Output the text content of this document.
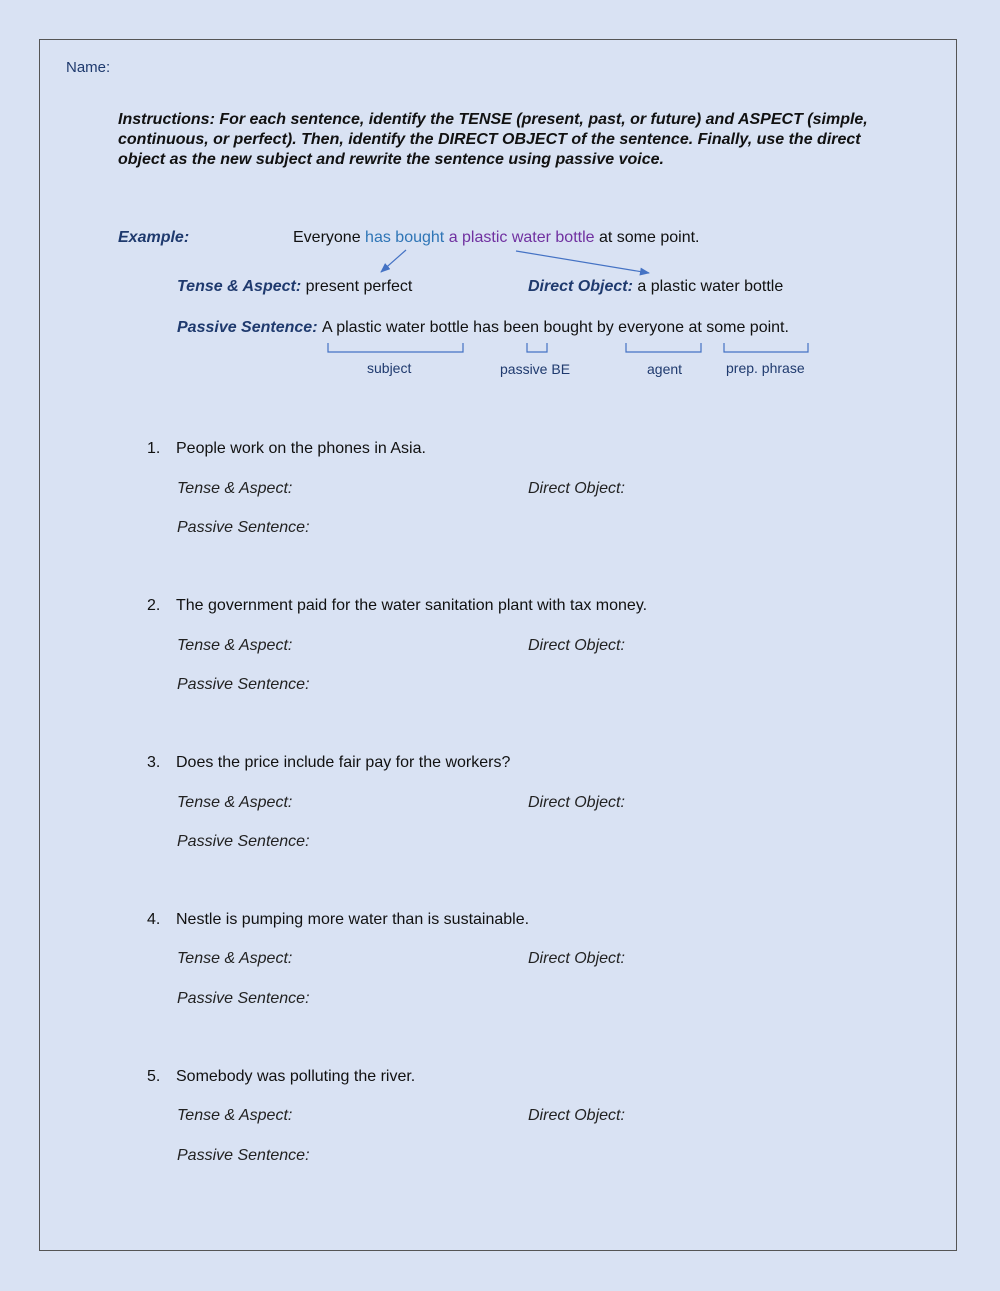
Name:
Instructions: For each sentence, identify the TENSE (present, past, or future) and ASPECT (simple, continuous, or perfect). Then, identify the DIRECT OBJECT of the sentence. Finally, use the direct object as the new subject and rewrite the sentence using passive voice.
Example:	Everyone has bought a plastic water bottle at some point.
Tense & Aspect: present perfect	Direct Object: a plastic water bottle
Passive Sentence: A plastic water bottle has been bought by everyone at some point.
subject	passive BE	agent	prep. phrase
1. People work on the phones in Asia.
Tense & Aspect:	Direct Object:
Passive Sentence:
2. The government paid for the water sanitation plant with tax money.
Tense & Aspect:	Direct Object:
Passive Sentence:
3. Does the price include fair pay for the workers?
Tense & Aspect:	Direct Object:
Passive Sentence:
4. Nestle is pumping more water than is sustainable.
Tense & Aspect:	Direct Object:
Passive Sentence:
5. Somebody was polluting the river.
Tense & Aspect:	Direct Object:
Passive Sentence:
